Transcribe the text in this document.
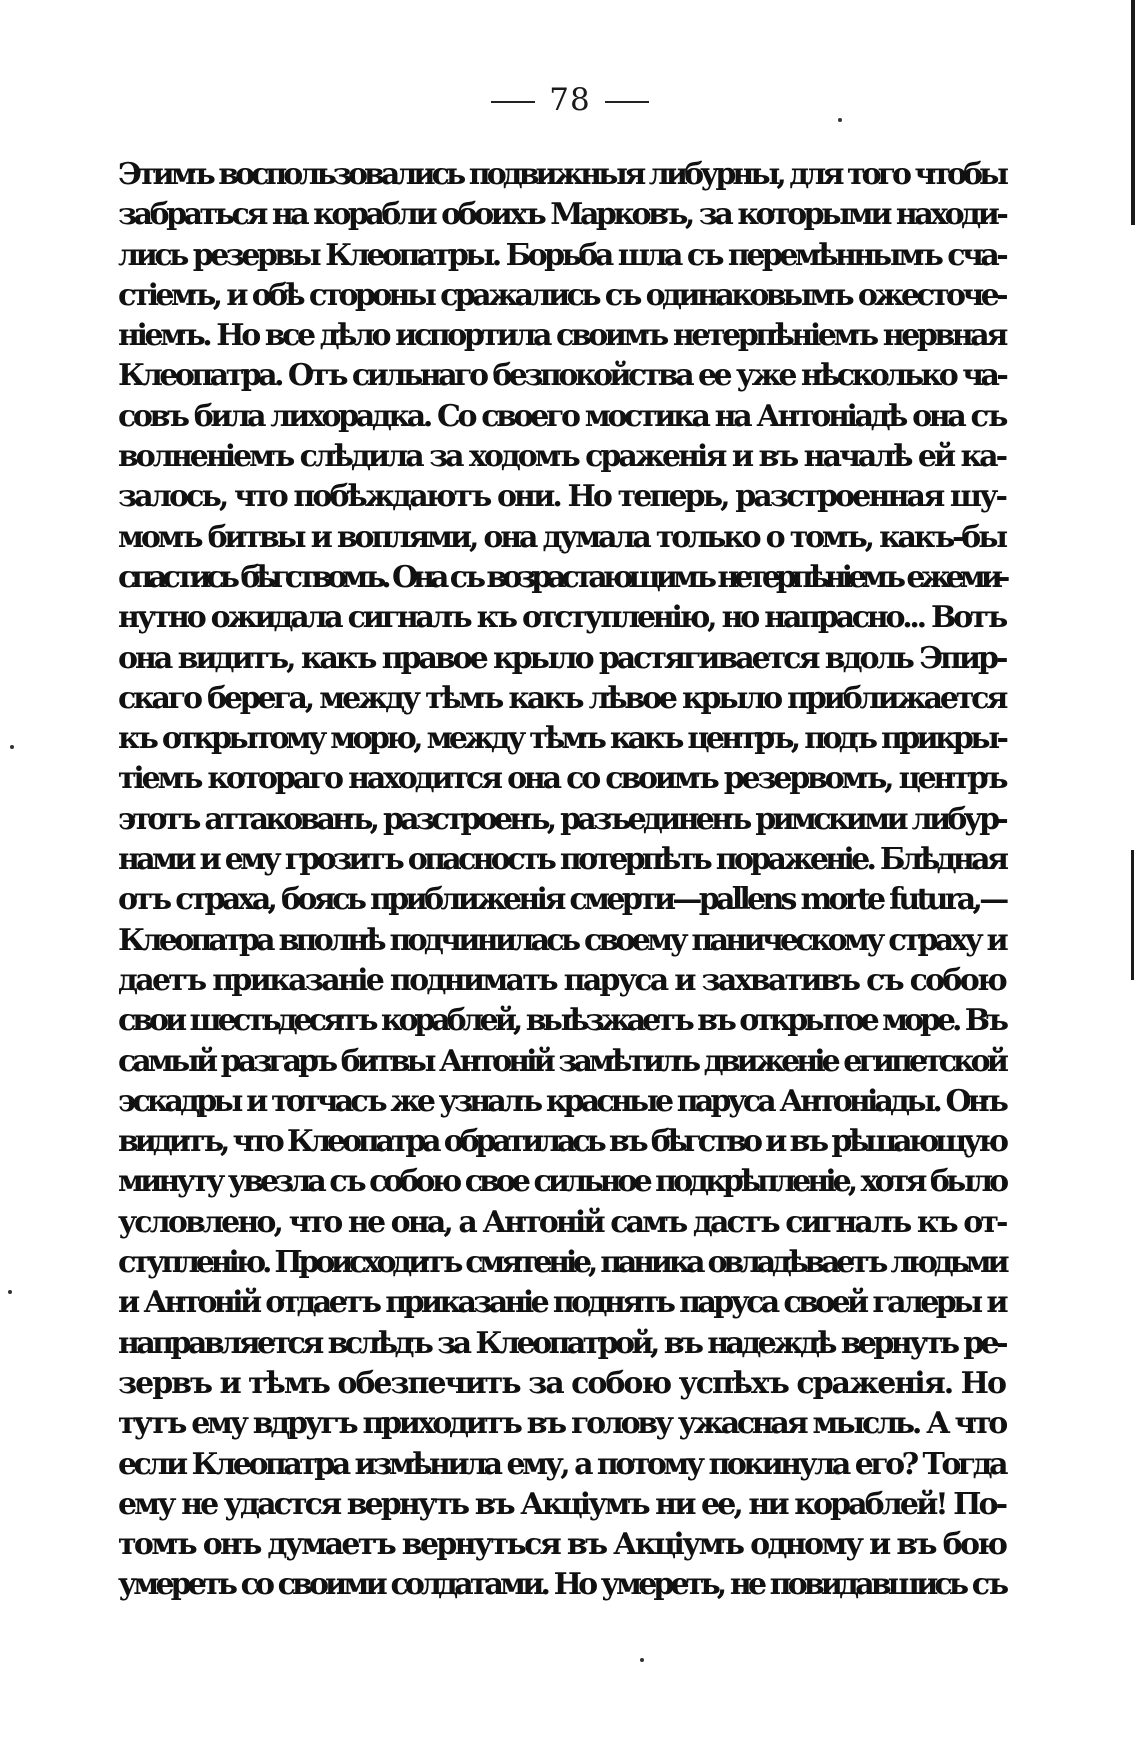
78
Этимъ воспользовались подвижныя либурны, для того чтобы
забраться на корабли обоихъ Марковъ, за которыми находи-
лись резервы Клеопатры. Борьба шла съ перемѣннымъ сча-
стіемъ, и обѣ стороны сражались съ одинаковымъ ожесточе-
ніемъ. Но все дѣло испортила своимъ нетерпѣніемъ нервная
Клеопатра. Отъ сильнаго безпокойства ее уже нѣсколько ча-
совъ била лихорадка. Со своего мостика на Антоніадѣ она съ
волненіемъ слѣдила за ходомъ сраженія и въ началѣ ей ка-
залось, что побѣждаютъ они. Но теперь, разстроенная шу-
момъ битвы и воплями, она думала только о томъ, какъ-бы
спастись бѣгствомъ. Она съ возрастающимъ нетерпѣніемъ ежеми-
нутно ожидала сигналъ къ отступленію, но напрасно... Вотъ
она видитъ, какъ правое крыло растягивается вдоль Эпир-
скаго берега, между тѣмъ какъ лѣвое крыло приближается
къ открытому морю, между тѣмъ какъ центръ, подъ прикры-
тіемъ котораго находится она со своимъ резервомъ, центръ
этотъ аттакованъ, разстроенъ, разъединенъ римскими либур-
нами и ему грозитъ опасность потерпѣть пораженіе. Блѣдная
отъ страха, боясь приближенія смерти—pallens morte futura,—
Клеопатра вполнѣ подчинилась своему паническому страху и
даетъ приказаніе поднимать паруса и захвативъ съ собою
свои шестьдесятъ кораблей, выѣзжаетъ въ открытое море. Въ
самый разгаръ битвы Антоній замѣтилъ движеніе египетской
эскадры и тотчасъ же узналъ красные паруса Антоніады. Онъ
видитъ, что Клеопатра обратилась въ бѣгство и въ рѣшающую
минуту увезла съ собою свое сильное подкрѣпленіе, хотя было
условлено, что не она, а Антоній самъ дастъ сигналъ къ от-
ступленію. Происходитъ смятеніе, паника овладѣваетъ людьми
и Антоній отдаетъ приказаніе поднять паруса своей галеры и
направляется вслѣдъ за Клеопатрой, въ надеждѣ вернуть ре-
зервъ и тѣмъ обезпечить за собою успѣхъ сраженія. Но
тутъ ему вдругъ приходитъ въ голову ужасная мысль. А что
если Клеопатра измѣнила ему, а потому покинула его? Тогда
ему не удастся вернуть въ Акціумъ ни ее, ни кораблей! По-
томъ онъ думаетъ вернуться въ Акціумъ одному и въ бою
умереть со своими солдатами. Но умереть, не повидавшись съ
